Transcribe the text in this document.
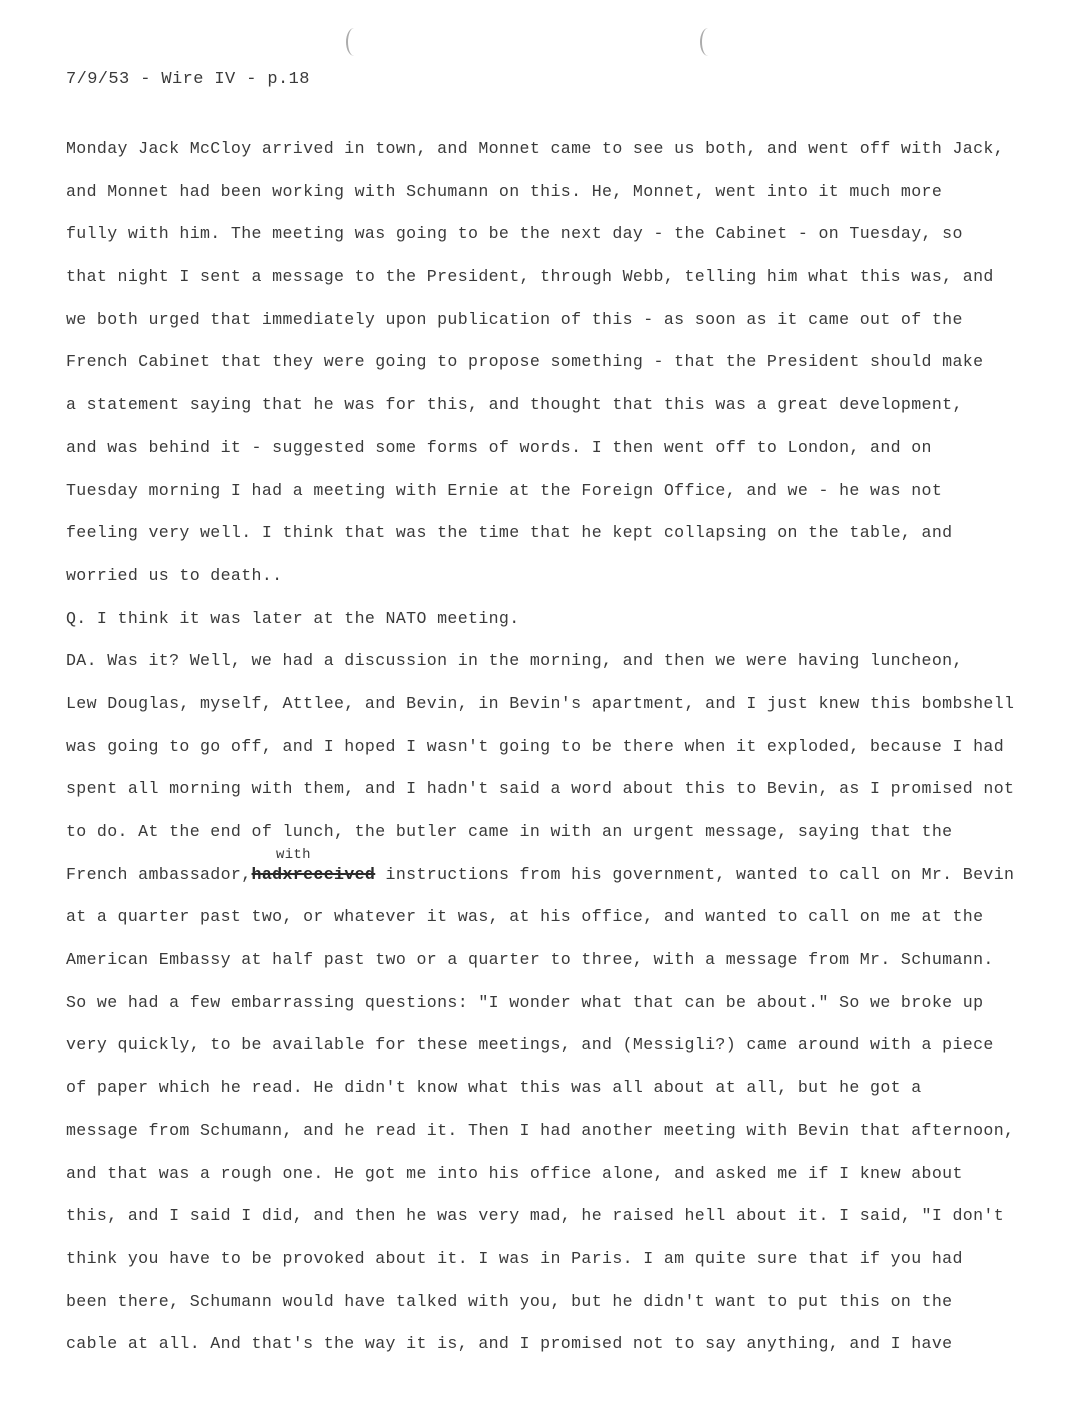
7/9/53 - Wire IV - p.18
Monday Jack McCloy arrived in town, and Monnet came to see us both, and went off with Jack,
and Monnet had been working with Schumann on this. He, Monnet, went into it much more
fully with him. The meeting was going to be the next day - the Cabinet - on Tuesday, so
that night I sent a message to the President, through Webb, telling him what this was, and
we both urged that immediately upon publication of this - as soon as it came out of the
French Cabinet that they were going to propose something - that the President should make
a statement saying that he was for this, and thought that this was a great development,
and was behind it - suggested some forms of words. I then went off to London, and on
Tuesday morning I had a meeting with Ernie at the Foreign Office, and we - he was not
feeling very well. I think that was the time that he kept collapsing on the table, and
worried us to death..
Q. I think it was later at the NATO meeting.
DA. Was it? Well, we had a discussion in the morning, and then we were having luncheon,
Lew Douglas, myself, Attlee, and Bevin, in Bevin's apartment, and I just knew this bombshell
was going to go off, and I hoped I wasn't going to be there when it exploded, because I had
spent all morning with them, and I hadn't said a word about this to Bevin, as I promised not
to do. At the end of lunch, the butler came in with an urgent message, saying that the
with
French ambassador,hadxreceived instructions from his government, wanted to call on Mr. Bevin
at a quarter past two, or whatever it was, at his office, and wanted to call on me at the
American Embassy at half past two or a quarter to three, with a message from Mr. Schumann.
So we had a few embarrassing questions: "I wonder what that can be about." So we broke up
very quickly, to be available for these meetings, and (Messigli?) came around with a piece
of paper which he read. He didn't know what this was all about at all, but he got a
message from Schumann, and he read it. Then I had another meeting with Bevin that afternoon,
and that was a rough one. He got me into his office alone, and asked me if I knew about
this, and I said I did, and then he was very mad, he raised hell about it. I said, "I don't
think you have to be provoked about it. I was in Paris. I am quite sure that if you had
been there, Schumann would have talked with you, but he didn't want to put this on the
cable at all. And that's the way it is, and I promised not to say anything, and I have
